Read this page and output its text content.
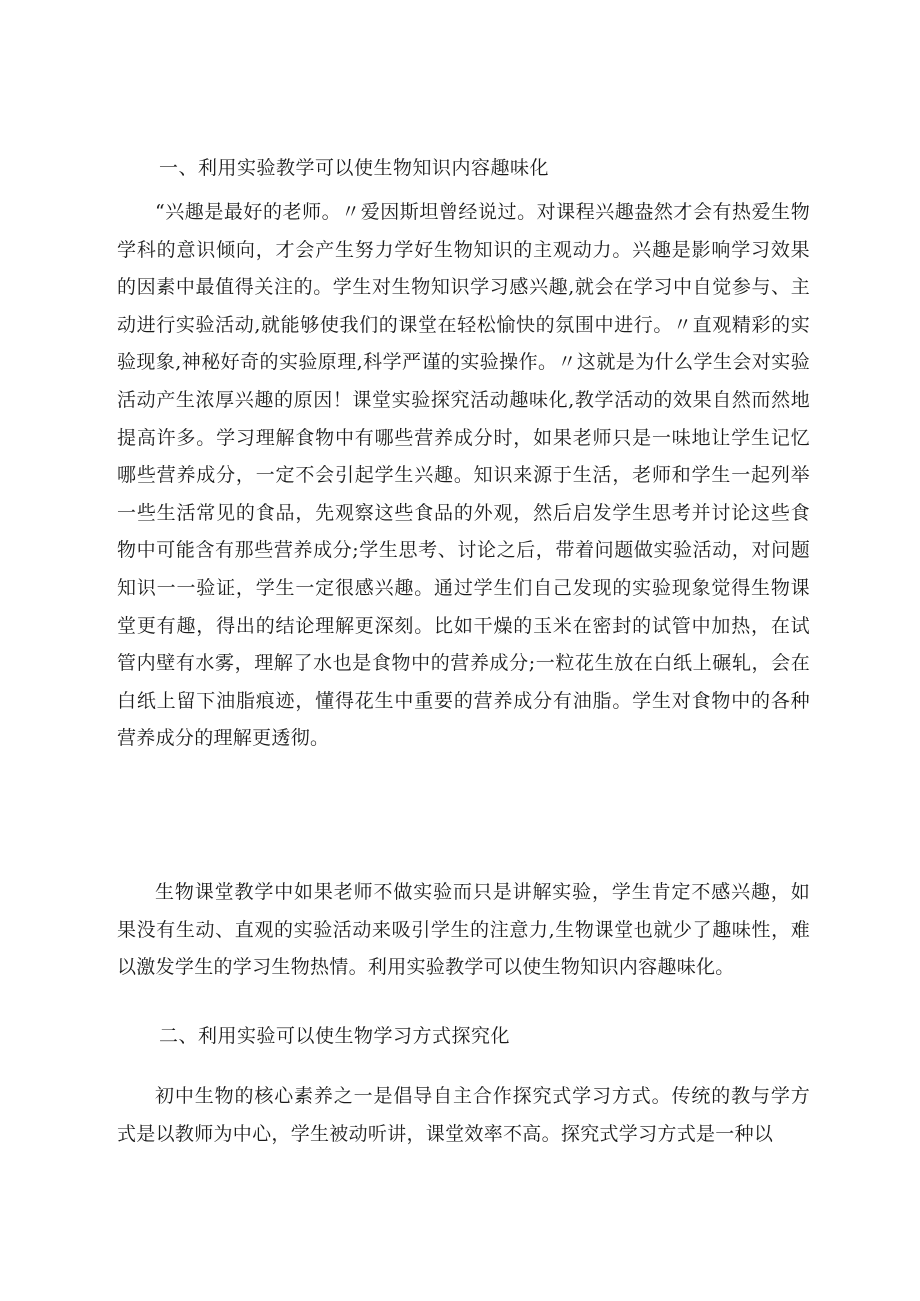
一、利用实验教学可以使生物知识内容趣味化

“兴趣是最好的老师。〃爱因斯坦曾经说过。对课程兴趣盎然才会有热爱生物学科的意识倾向，才会产生努力学好生物知识的主观动力。兴趣是影响学习效果的因素中最值得关注的。学生对生物知识学习感兴趣,就会在学习中自觉参与、主动进行实验活动,就能够使我们的课堂在轻松愉快的氛围中进行。〃直观精彩的实验现象,神秘好奇的实验原理,科学严谨的实验操作。〃这就是为什么学生会对实验活动产生浓厚兴趣的原因！课堂实验探究活动趣味化,教学活动的效果自然而然地提高许多。学习理解食物中有哪些营养成分时，如果老师只是一味地让学生记忆哪些营养成分，一定不会引起学生兴趣。知识来源于生活，老师和学生一起列举一些生活常见的食品，先观察这些食品的外观，然后启发学生思考并讨论这些食物中可能含有那些营养成分;学生思考、讨论之后，带着问题做实验活动，对问题知识一一验证，学生一定很感兴趣。通过学生们自己发现的实验现象觉得生物课堂更有趣，得出的结论理解更深刻。比如干燥的玉米在密封的试管中加热，在试管内壁有水雾，理解了水也是食物中的营养成分;一粒花生放在白纸上碾轧，会在白纸上留下油脂痕迹，懂得花生中重要的营养成分有油脂。学生对食物中的各种营养成分的理解更透彻。

生物课堂教学中如果老师不做实验而只是讲解实验，学生肯定不感兴趣，如果没有生动、直观的实验活动来吸引学生的注意力,生物课堂也就少了趣味性，难以激发学生的学习生物热情。利用实验教学可以使生物知识内容趣味化。

二、利用实验可以使生物学习方式探究化

初中生物的核心素养之一是倡导自主合作探究式学习方式。传统的教与学方式是以教师为中心，学生被动听讲，课堂效率不高。探究式学习方式是一种以
